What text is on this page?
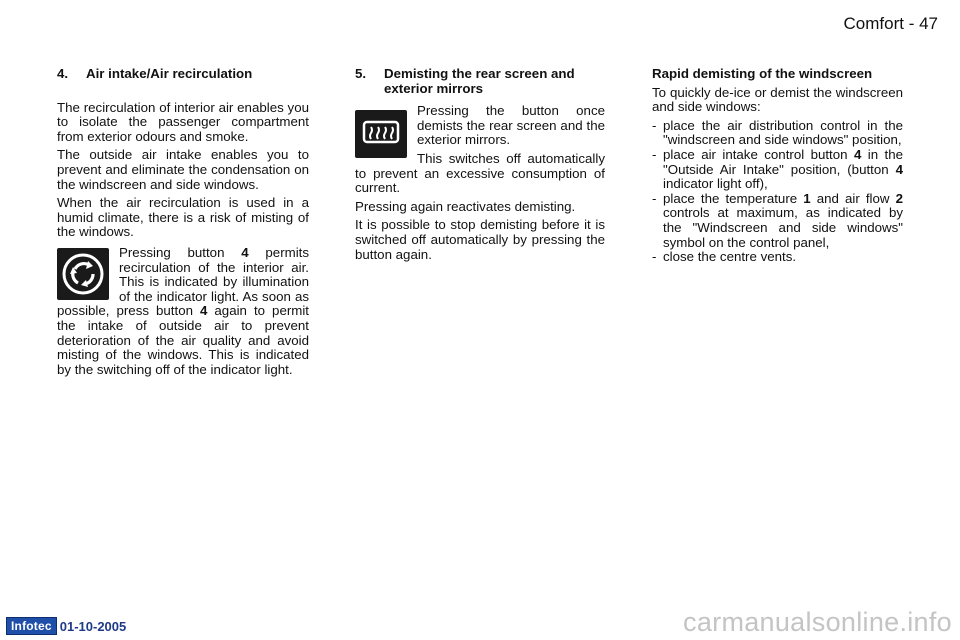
Comfort - 47
4.	Air intake/Air recirculation

The recirculation of interior air enables you to isolate the passenger compartment from exterior odours and smoke.

The outside air intake enables you to prevent and eliminate the condensation on the windscreen and side windows.

When the air recirculation is used in a humid climate, there is a risk of misting of the windows.

Pressing button 4 permits recirculation of the interior air. This is indicated by illumination of the indicator light. As soon as possible, press button 4 again to permit the intake of outside air to prevent deterioration of the air quality and avoid misting of the windows. This is indicated by the switching off of the indicator light.

5.	Demisting the rear screen and exterior mirrors

Pressing the button once demists the rear screen and the exterior mirrors.

This switches off automatically to prevent an excessive consumption of current.

Pressing again reactivates demisting.

It is possible to stop demisting before it is switched off automatically by pressing the button again.

Rapid demisting of the windscreen

To quickly de-ice or demist the windscreen and side windows:

- place the air distribution control in the "windscreen and side windows" position,
- place air intake control button 4 in the "Outside Air Intake" position, (button 4 indicator light off),
- place the temperature 1 and air flow 2 controls at maximum, as indicated by the "Windscreen and side windows" symbol on the control panel,
- close the centre vents.
Infotec 01-10-2005	carmanualsonline.info
